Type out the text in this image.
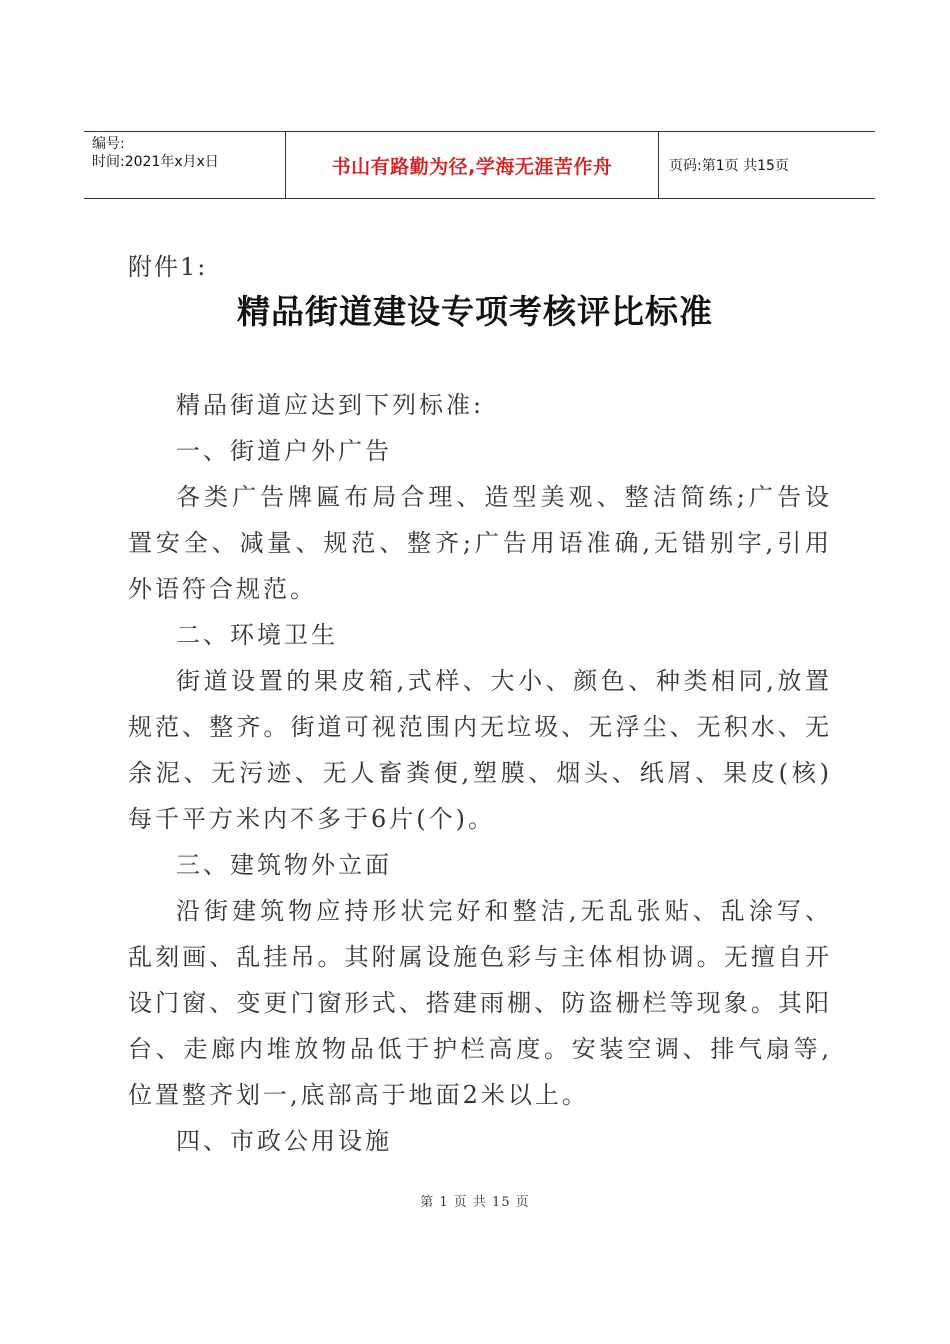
编号:
时间:2021年x月x日	书山有路勤为径,学海无涯苦作舟	页码:第1页 共15页
附件1:
精品街道建设专项考核评比标准

精品街道应达到下列标准:

一、街道户外广告

各类广告牌匾布局合理、造型美观、整洁简练;广告设置安全、减量、规范、整齐;广告用语准确,无错别字,引用外语符合规范。

二、环境卫生

街道设置的果皮箱,式样、大小、颜色、种类相同,放置规范、整齐。街道可视范围内无垃圾、无浮尘、无积水、无余泥、无污迹、无人畜粪便,塑膜、烟头、纸屑、果皮(核)每千平方米内不多于6片(个)。

三、建筑物外立面

沿街建筑物应持形状完好和整洁,无乱张贴、乱涂写、乱刻画、乱挂吊。其附属设施色彩与主体相协调。无擅自开设门窗、变更门窗形式、搭建雨棚、防盗栅栏等现象。其阳台、走廊内堆放物品低于护栏高度。安装空调、排气扇等,位置整齐划一,底部高于地面2米以上。

四、市政公用设施

第 1 页 共 15 页
